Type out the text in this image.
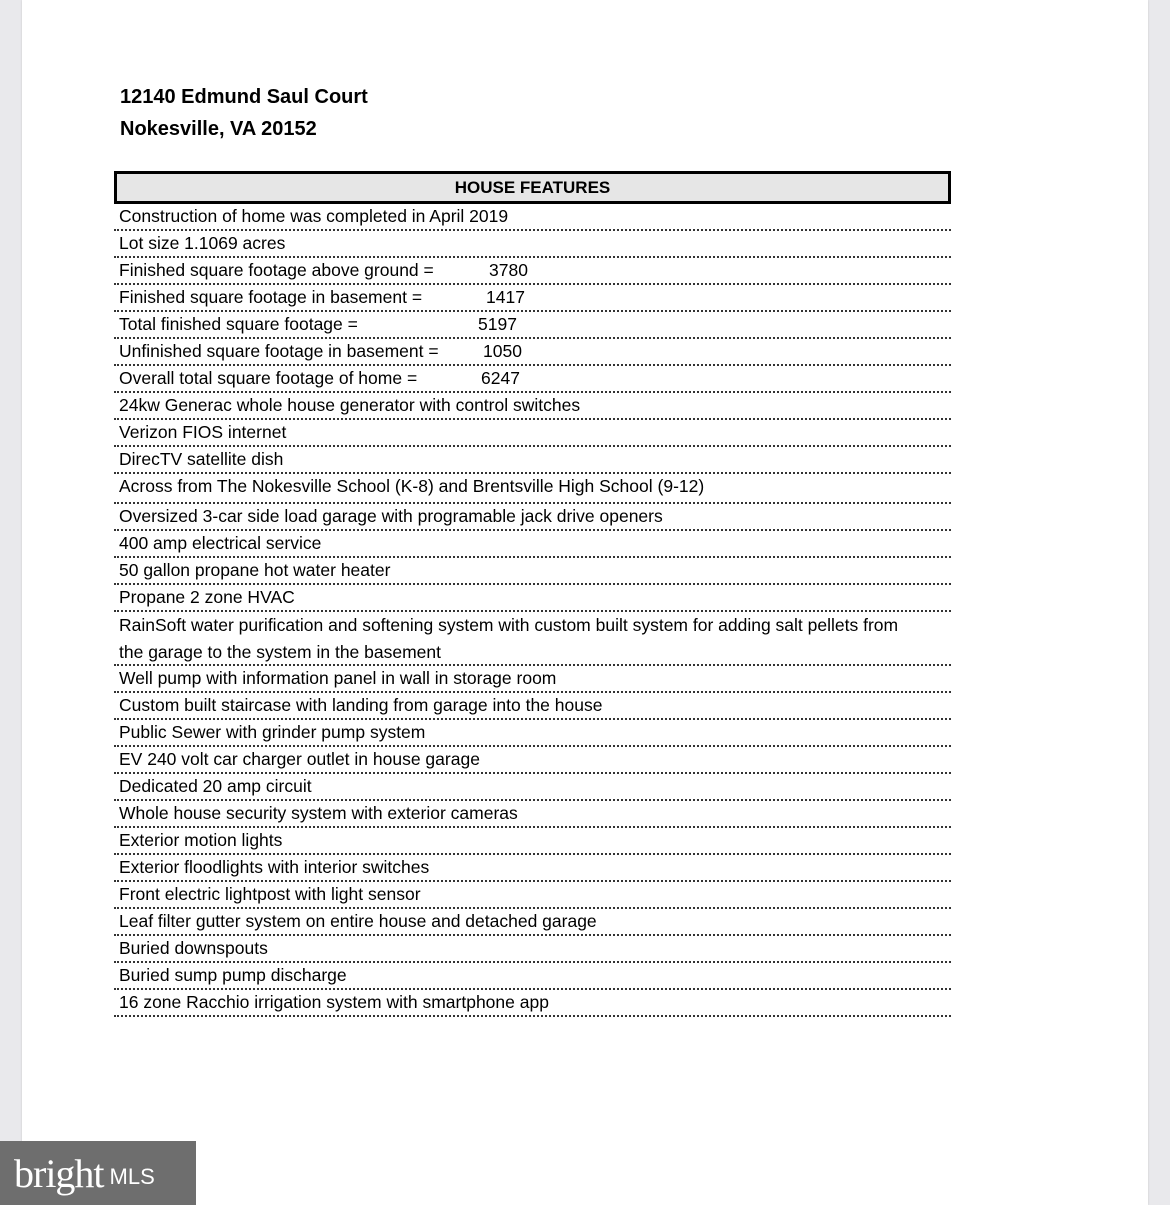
12140 Edmund Saul Court
Nokesville, VA 20152
HOUSE FEATURES
Construction of home was completed in April 2019
Lot size 1.1069 acres
Finished square footage above ground =	3780
Finished square footage in basement =	1417
Total finished square footage =	5197
Unfinished square footage in basement =	1050
Overall total square footage of home =	6247
24kw Generac whole house generator with control switches
Verizon FIOS internet
DirecTV satellite dish
Across from The Nokesville School (K-8) and Brentsville High School (9-12)
Oversized 3-car side load garage with programable jack drive openers
400 amp electrical service
50 gallon propane hot water heater
Propane 2 zone HVAC
RainSoft water purification and softening system with custom built system for adding salt pellets from the garage to the system in the basement
Well pump with information panel in wall in storage room
Custom built staircase with landing from garage into the house
Public Sewer with grinder pump system
EV 240 volt car charger outlet in house garage
Dedicated 20 amp circuit
Whole house security system with exterior cameras
Exterior motion lights
Exterior floodlights with interior switches
Front electric lightpost with light sensor
Leaf filter gutter system on entire house and detached garage
Buried downspouts
Buried sump pump discharge
16 zone Racchio irrigation system with smartphone app
bright MLS
